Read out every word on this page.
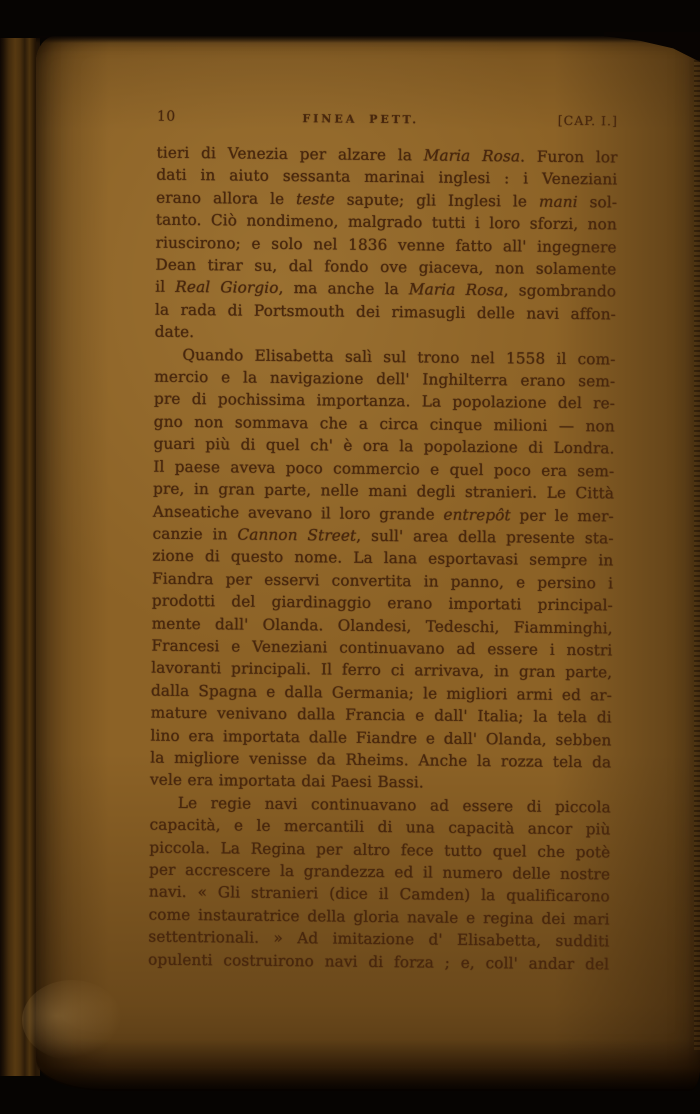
10	FINEA PETT.	[CAP. I.]
tieri di Venezia per alzare la Maria Rosa. Furon lor
dati in aiuto sessanta marinai inglesi : i Veneziani
erano allora le teste sapute; gli Inglesi le mani sol-
tanto. Ciò nondimeno, malgrado tutti i loro sforzi, non
riuscirono; e solo nel 1836 venne fatto all' ingegnere
Dean tirar su, dal fondo ove giaceva, non solamente
il Real Giorgio, ma anche la Maria Rosa, sgombrando
la rada di Portsmouth dei rimasugli delle navi affon-
date.
Quando Elisabetta salì sul trono nel 1558 il com-
mercio e la navigazione dell' Inghilterra erano sem-
pre di pochissima importanza. La popolazione del re-
gno non sommava che a circa cinque milioni — non
guari più di quel ch' è ora la popolazione di Londra.
Il paese aveva poco commercio e quel poco era sem-
pre, in gran parte, nelle mani degli stranieri. Le Città
Anseatiche avevano il loro grande entrepôt per le mer-
canzie in Cannon Street, sull' area della presente sta-
zione di questo nome. La lana esportavasi sempre in
Fiandra per esservi convertita in panno, e persino i
prodotti del giardinaggio erano importati principal-
mente dall' Olanda. Olandesi, Tedeschi, Fiamminghi,
Francesi e Veneziani continuavano ad essere i nostri
lavoranti principali. Il ferro ci arrivava, in gran parte,
dalla Spagna e dalla Germania; le migliori armi ed ar-
mature venivano dalla Francia e dall' Italia; la tela di
lino era importata dalle Fiandre e dall' Olanda, sebben
la migliore venisse da Rheims. Anche la rozza tela da
vele era importata dai Paesi Bassi.
Le regie navi continuavano ad essere di piccola
capacità, e le mercantili di una capacità ancor più
piccola. La Regina per altro fece tutto quel che potè
per accrescere la grandezza ed il numero delle nostre
navi. « Gli stranieri (dice il Camden) la qualificarono
come instauratrice della gloria navale e regina dei mari
settentrionali. » Ad imitazione d' Elisabetta, sudditi
opulenti costruirono navi di forza ; e, coll' andar del
